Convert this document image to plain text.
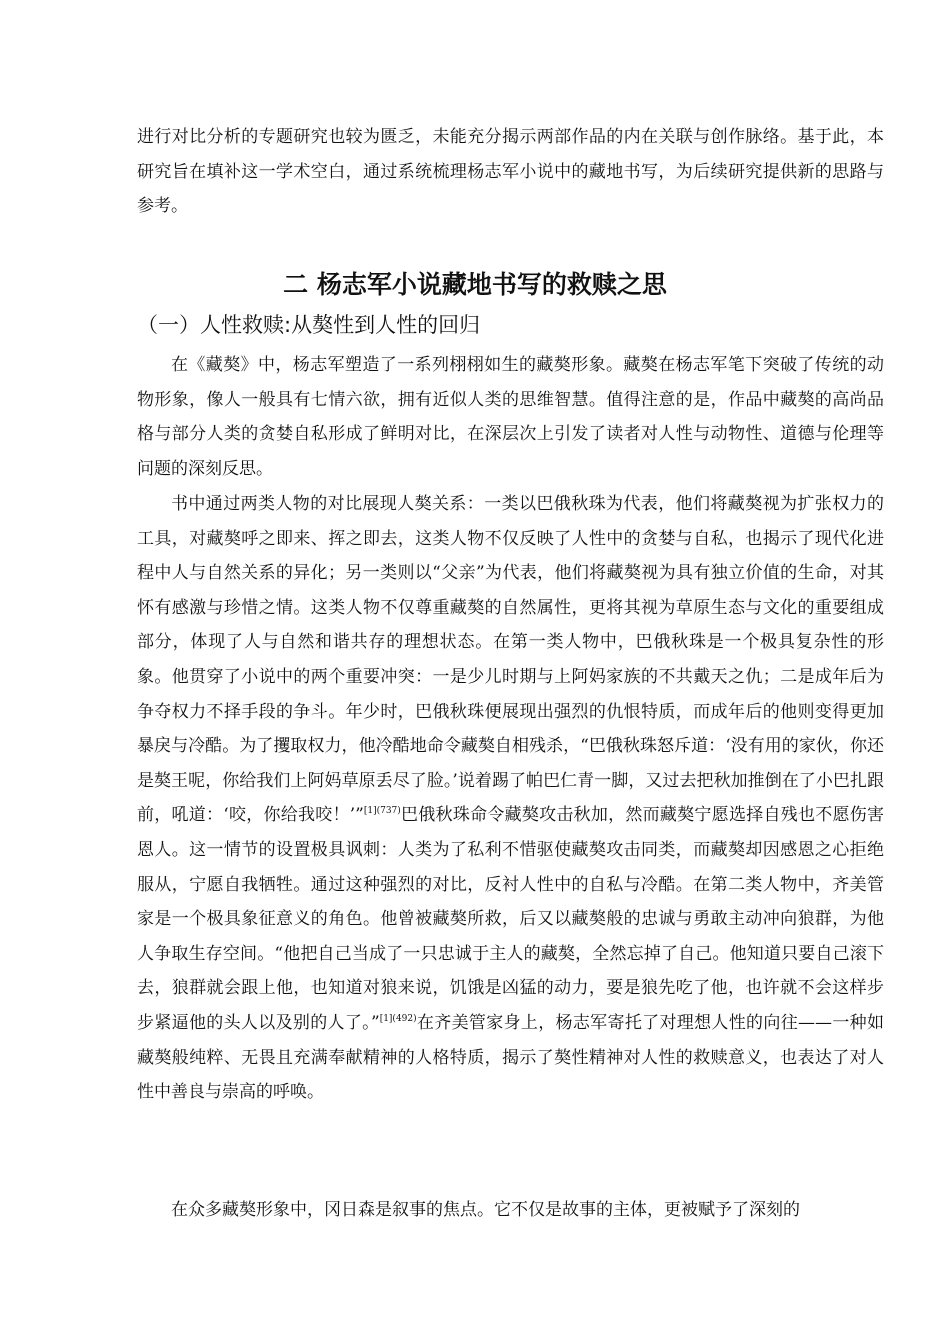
进行对比分析的专题研究也较为匮乏，未能充分揭示两部作品的内在关联与创作脉络。基于此，本研究旨在填补这一学术空白，通过系统梳理杨志军小说中的藏地书写，为后续研究提供新的思路与参考。

二 杨志军小说藏地书写的救赎之思
（一）人性救赎:从獒性到人性的回归

在《藏獒》中，杨志军塑造了一系列栩栩如生的藏獒形象。藏獒在杨志军笔下突破了传统的动物形象，像人一般具有七情六欲，拥有近似人类的思维智慧。值得注意的是，作品中藏獒的高尚品格与部分人类的贪婪自私形成了鲜明对比，在深层次上引发了读者对人性与动物性、道德与伦理等问题的深刻反思。

书中通过两类人物的对比展现人獒关系：一类以巴俄秋珠为代表，他们将藏獒视为扩张权力的工具，对藏獒呼之即来、挥之即去，这类人物不仅反映了人性中的贪婪与自私，也揭示了现代化进程中人与自然关系的异化；另一类则以“父亲”为代表，他们将藏獒视为具有独立价值的生命，对其怀有感激与珍惜之情。这类人物不仅尊重藏獒的自然属性，更将其视为草原生态与文化的重要组成部分，体现了人与自然和谐共存的理想状态。在第一类人物中，巴俄秋珠是一个极具复杂性的形象。他贯穿了小说中的两个重要冲突：一是少儿时期与上阿妈家族的不共戴天之仇；二是成年后为争夺权力不择手段的争斗。年少时，巴俄秋珠便展现出强烈的仇恨特质，而成年后的他则变得更加暴戾与冷酷。为了攫取权力，他冷酷地命令藏獒自相残杀，“巴俄秋珠怒斥道：‘没有用的家伙，你还是獒王呢，你给我们上阿妈草原丢尽了脸。’说着踢了帕巴仁青一脚，又过去把秋加推倒在了小巴扎跟前，吼道：‘咬，你给我咬！’”$^{[1](737)}$巴俄秋珠命令藏獒攻击秋加，然而藏獒宁愿选择自残也不愿伤害恩人。这一情节的设置极具讽刺：人类为了私利不惜驱使藏獒攻击同类，而藏獒却因感恩之心拒绝服从，宁愿自我牺牲。通过这种强烈的对比，反衬人性中的自私与冷酷。在第二类人物中，齐美管家是一个极具象征意义的角色。他曾被藏獒所救，后又以藏獒般的忠诚与勇敢主动冲向狼群，为他人争取生存空间。“他把自己当成了一只忠诚于主人的藏獒，全然忘掉了自己。他知道只要自己滚下去，狼群就会跟上他，也知道对狼来说，饥饿是凶猛的动力，要是狼先吃了他，也许就不会这样步步紧逼他的头人以及别的人了。”$^{[1](492)}$在齐美管家身上，杨志军寄托了对理想人性的向往——一种如藏獒般纯粹、无畏且充满奉献精神的人格特质，揭示了獒性精神对人性的救赎意义，也表达了对人性中善良与崇高的呼唤。

在众多藏獒形象中，冈日森是叙事的焦点。它不仅是故事的主体，更被赋予了深刻的
